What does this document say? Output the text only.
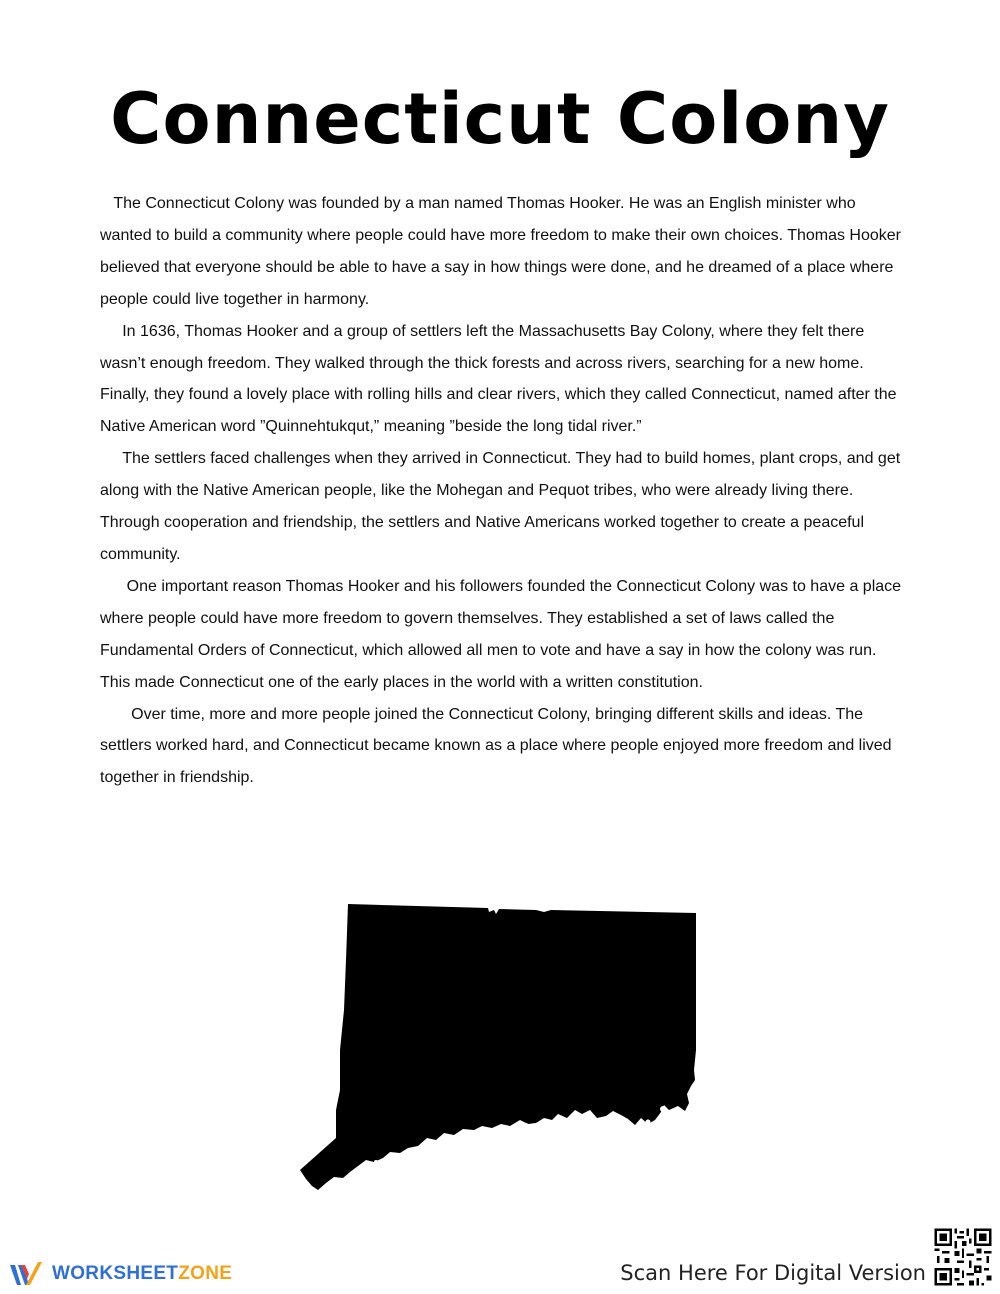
Connecticut Colony

The Connecticut Colony was founded by a man named Thomas Hooker. He was an English minister who wanted to build a community where people could have more freedom to make their own choices. Thomas Hooker believed that everyone should be able to have a say in how things were done, and he dreamed of a place where people could live together in harmony.

In 1636, Thomas Hooker and a group of settlers left the Massachusetts Bay Colony, where they felt there wasn’t enough freedom. They walked through the thick forests and across rivers, searching for a new home. Finally, they found a lovely place with rolling hills and clear rivers, which they called Connecticut, named after the Native American word ”Quinnehtukqut,” meaning ”beside the long tidal river.”

The settlers faced challenges when they arrived in Connecticut. They had to build homes, plant crops, and get along with the Native American people, like the Mohegan and Pequot tribes, who were already living there. Through cooperation and friendship, the settlers and Native Americans worked together to create a peaceful community.

One important reason Thomas Hooker and his followers founded the Connecticut Colony was to have a place where people could have more freedom to govern themselves. They established a set of laws called the Fundamental Orders of Connecticut, which allowed all men to vote and have a say in how the colony was run. This made Connecticut one of the early places in the world with a written constitution.

Over time, more and more people joined the Connecticut Colony, bringing different skills and ideas. The settlers worked hard, and Connecticut became known as a place where people enjoyed more freedom and lived together in friendship.

WORKSHEET ZONE	Scan Here For Digital Version
